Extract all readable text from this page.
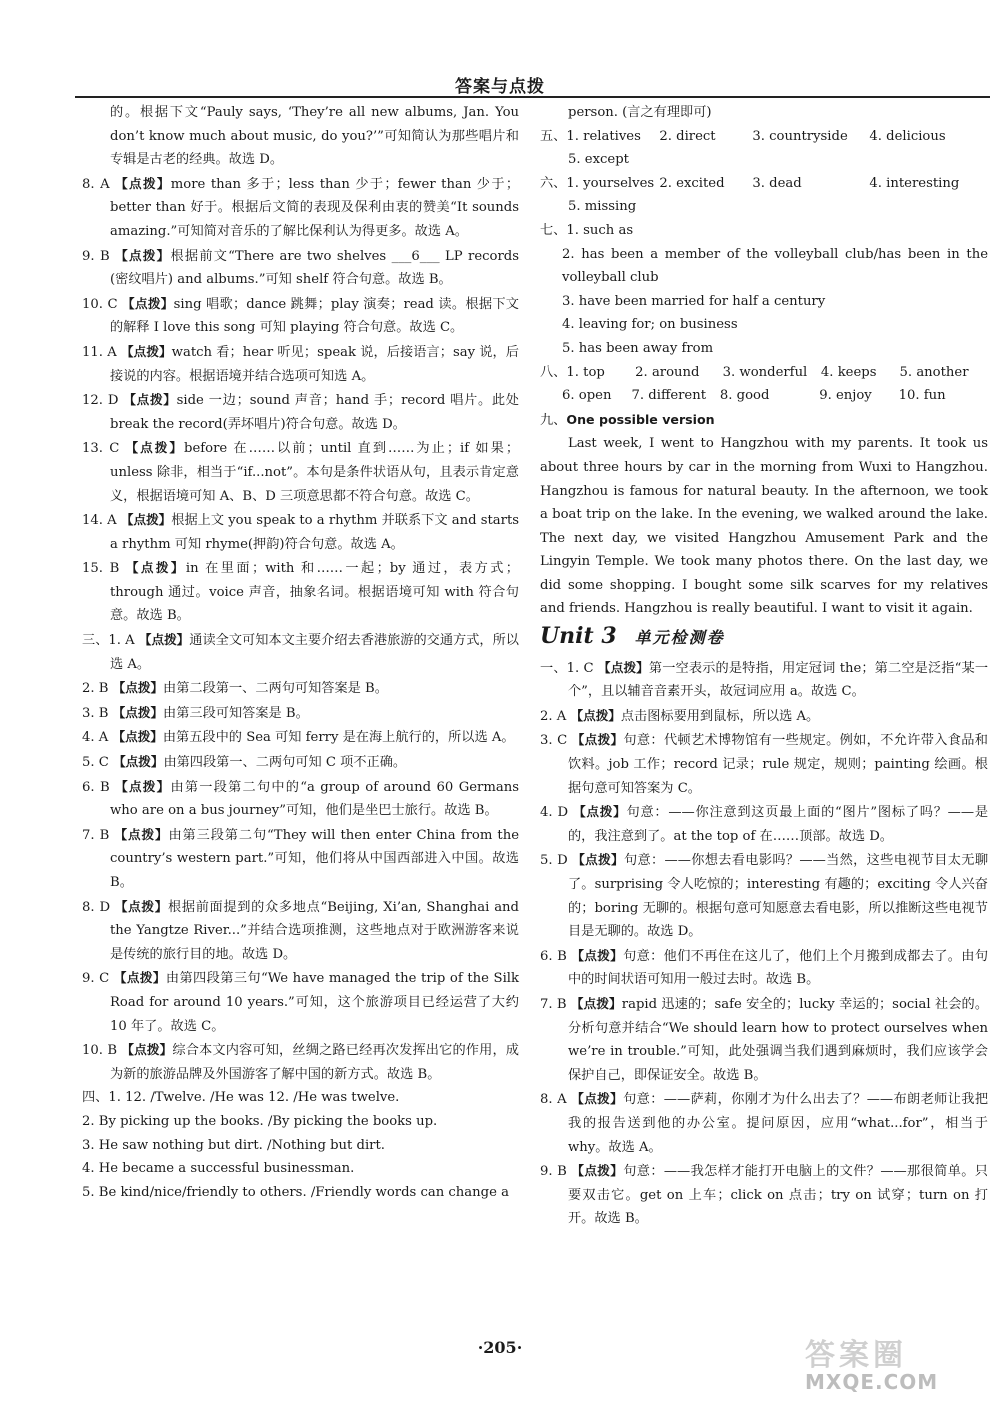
答案与点拨

的。根据下文“Pauly says, ‘They’re all new albums, Jan. You don’t know much about music, do you?’”可知简认为那些唱片和专辑是古老的经典。故选 D。

8. A 【点拨】more than 多于；less than 少于；fewer than 少于；better than 好于。根据后文简的表现及保利由衷的赞美“It sounds amazing.”可知简对音乐的了解比保利认为得更多。故选 A。

9. B 【点拨】根据前文“There are two shelves ___6___ LP records (密纹唱片) and albums.”可知 shelf 符合句意。故选 B。

10. C 【点拨】sing 唱歌；dance 跳舞；play 演奏；read 读。根据下文的解释 I love this song 可知 playing 符合句意。故选 C。

11. A 【点拨】watch 看；hear 听见；speak 说，后接语言；say 说，后接说的内容。根据语境并结合选项可知选 A。

12. D 【点拨】side 一边；sound 声音；hand 手；record 唱片。此处 break the record(弄坏唱片)符合句意。故选 D。

13. C 【点拨】before 在……以前；until 直到……为止；if 如果；unless 除非，相当于“if...not”。本句是条件状语从句，且表示肯定意义，根据语境可知 A、B、D 三项意思都不符合句意。故选 C。

14. A 【点拨】根据上文 you speak to a rhythm 并联系下文 and starts a rhythm 可知 rhyme(押韵)符合句意。故选 A。

15. B 【点拨】in 在里面；with 和……一起；by 通过，表方式；through 通过。voice 声音，抽象名词。根据语境可知 with 符合句意。故选 B。

三、1. A 【点拨】通读全文可知本文主要介绍去香港旅游的交通方式，所以选 A。

2. B 【点拨】由第二段第一、二两句可知答案是 B。

3. B 【点拨】由第三段可知答案是 B。

4. A 【点拨】由第五段中的 Sea 可知 ferry 是在海上航行的，所以选 A。

5. C 【点拨】由第四段第一、二两句可知 C 项不正确。

6. B 【点拨】由第一段第二句中的“a group of around 60 Germans who are on a bus journey”可知，他们是坐巴士旅行。故选 B。

7. B 【点拨】由第三段第二句“They will then enter China from the country’s western part.”可知，他们将从中国西部进入中国。故选 B。

8. D 【点拨】根据前面提到的众多地点“Beijing, Xi’an, Shanghai and the Yangtze River...”并结合选项推测，这些地点对于欧洲游客来说是传统的旅行目的地。故选 D。

9. C 【点拨】由第四段第三句“We have managed the trip of the Silk Road for around 10 years.”可知，这个旅游项目已经运营了大约 10 年了。故选 C。

10. B 【点拨】综合本文内容可知，丝绸之路已经再次发挥出它的作用，成为新的旅游品牌及外国游客了解中国的新方式。故选 B。

四、1. 12. /Twelve. /He was 12. /He was twelve.

2. By picking up the books. /By picking the books up.

3. He saw nothing but dirt. /Nothing but dirt.

4. He became a successful businessman.

5. Be kind/nice/friendly to others. /Friendly words can change a

person. (言之有理即可)

五、 1. relatives	2. direct	3. countryside	4. delicious
5. except
六、 1. yourselves 2. excited	3. dead	4. interesting
5. missing
七、1. such as
2. has been a member of the volleyball club/has been in the volleyball club
3. have been married for half a century
4. leaving for; on business
5. has been away from
八、 1. top	2. around	3. wonderful	4. keeps	5. another
6. open	7. different	8. good	9. enjoy	10. fun
九、One possible version

Last week, I went to Hangzhou with my parents. It took us about three hours by car in the morning from Wuxi to Hangzhou. Hangzhou is famous for natural beauty. In the afternoon, we took a boat trip on the lake. In the evening, we walked around the lake. The next day, we visited Hangzhou Amusement Park and the Lingyin Temple. We took many photos there. On the last day, we did some shopping. I bought some silk scarves for my relatives and friends. Hangzhou is really beautiful. I want to visit it again.

Unit 3 单元检测卷

一、1. C 【点拨】第一空表示的是特指，用定冠词 the；第二空是泛指“某一个”，且以辅音音素开头，故冠词应用 a。故选 C。

2. A 【点拨】点击图标要用到鼠标，所以选 A。

3. C 【点拨】句意：代顿艺术博物馆有一些规定。例如，不允许带入食品和饮料。job 工作；record 记录；rule 规定，规则；painting 绘画。根据句意可知答案为 C。

4. D 【点拨】句意：——你注意到这页最上面的“图片”图标了吗？——是的，我注意到了。at the top of 在……顶部。故选 D。

5. D 【点拨】句意：——你想去看电影吗？——当然，这些电视节目太无聊了。surprising 令人吃惊的；interesting 有趣的；exciting 令人兴奋的；boring 无聊的。根据句意可知愿意去看电影，所以推断这些电视节目是无聊的。故选 D。

6. B 【点拨】句意：他们不再住在这儿了，他们上个月搬到成都去了。由句中的时间状语可知用一般过去时。故选 B。

7. B 【点拨】rapid 迅速的；safe 安全的；lucky 幸运的；social 社会的。分析句意并结合“We should learn how to protect ourselves when we’re in trouble.”可知，此处强调当我们遇到麻烦时，我们应该学会保护自己，即保证安全。故选 B。

8. A 【点拨】句意：——萨莉，你刚才为什么出去了？——布朗老师让我把我的报告送到他的办公室。提问原因，应用“what...for”，相当于 why。故选 A。

9. B 【点拨】句意：——我怎样才能打开电脑上的文件？——那很简单。只要双击它。get on 上车；click on 点击；try on 试穿；turn on 打开。故选 B。

·205·	答案圈
MXQE.COM
